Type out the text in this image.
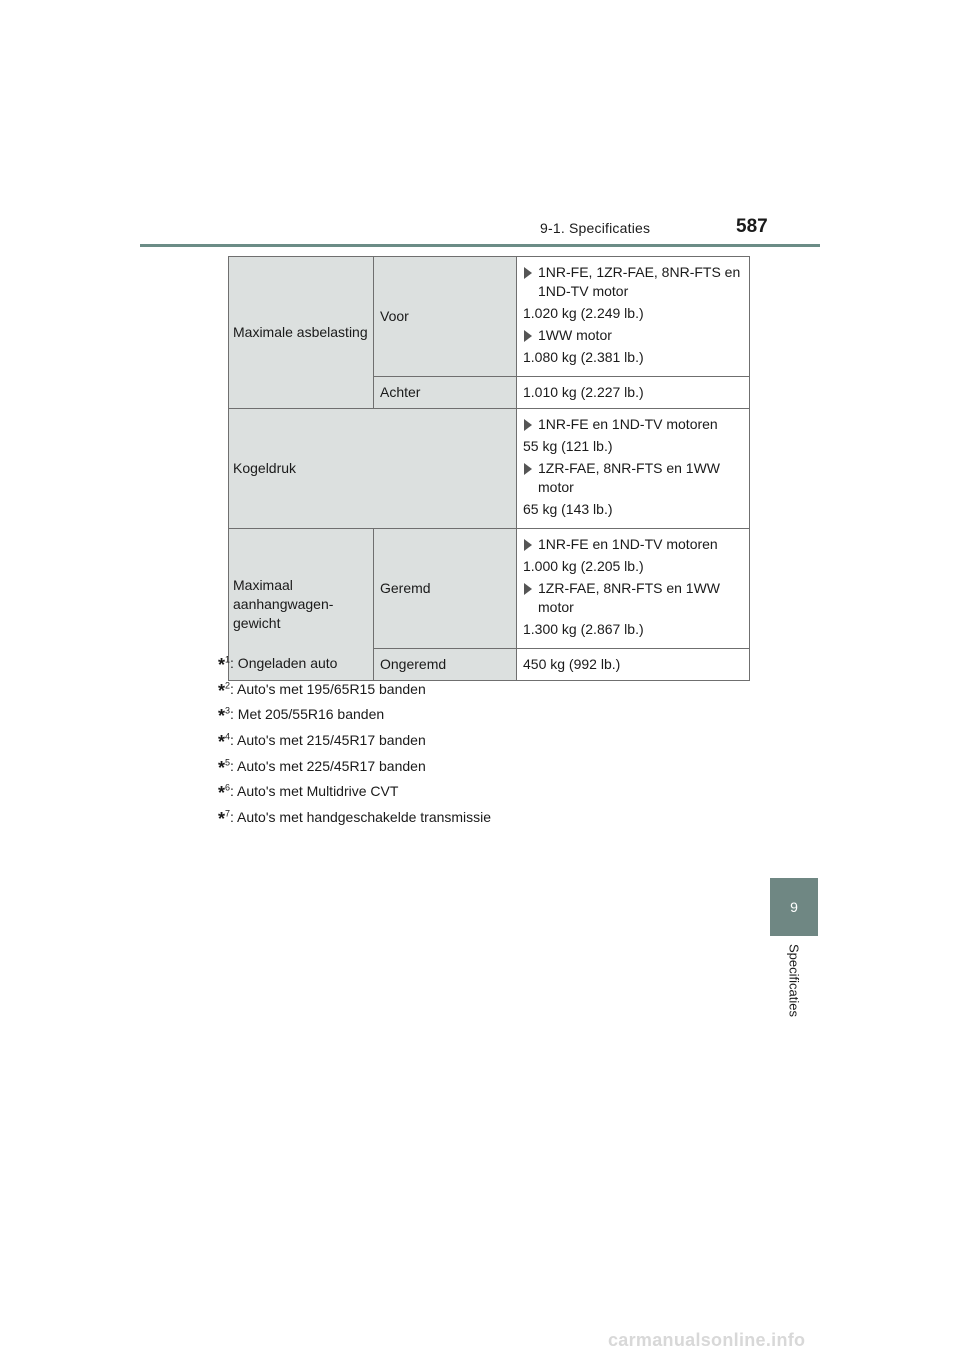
9-1. Specificaties	587
Maximale asbelasting	Voor	1NR-FE, 1ZR-FAE, 8NR-FTS en 1ND-TV motor
1.020 kg (2.249 lb.)
1WW motor
1.080 kg (2.381 lb.)

	Achter	1.010 kg (2.227 lb.)
Kogeldruk		1NR-FE en 1ND-TV motoren
55 kg (121 lb.)
1ZR-FAE, 8NR-FTS en 1WW motor
65 kg (143 lb.)

Maximaal aanhangwagen-gewicht	Geremd	1NR-FE en 1ND-TV motoren
1.000 kg (2.205 lb.)
1ZR-FAE, 8NR-FTS en 1WW motor
1.300 kg (2.867 lb.)

	Ongeremd	450 kg (992 lb.)
*$^1$: Ongeladen auto
*$^2$: Auto's met 195/65R15 banden
*$^3$: Met 205/55R16 banden
*$^4$: Auto's met 215/45R17 banden
*$^5$: Auto's met 225/45R17 banden
*$^6$: Auto's met Multidrive CVT
*$^7$: Auto's met handgeschakelde transmissie
9
Specificaties
carmanualsonline.info
